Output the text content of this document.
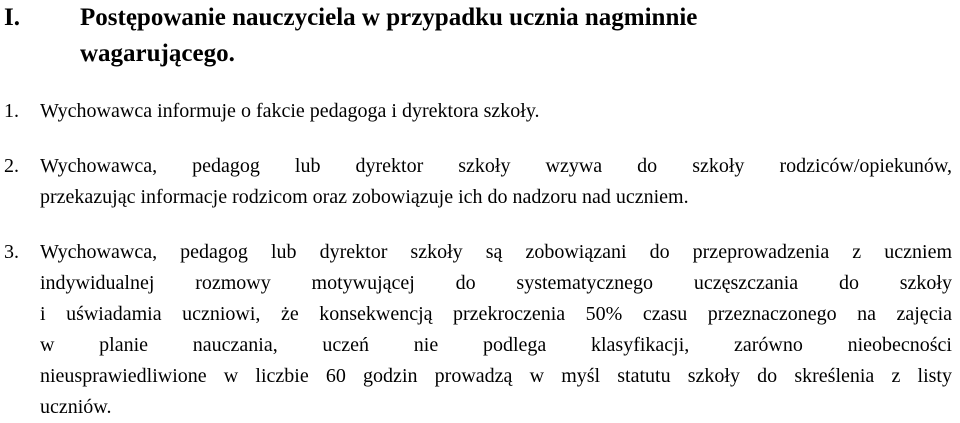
I. Postępowanie nauczyciela w przypadku ucznia nagminnie
wagarującego.
1. Wychowawca informuje o fakcie pedagoga i dyrektora szkoły.
2. Wychowawca, pedagog lub dyrektor szkoły wzywa do szkoły rodziców/opiekunów,
przekazując informacje rodzicom oraz zobowiązuje ich do nadzoru nad uczniem.
3. Wychowawca, pedagog lub dyrektor szkoły są zobowiązani do przeprowadzenia z uczniem
indywidualnej rozmowy motywującej do systematycznego uczęszczania do szkoły
i uświadamia uczniowi, że konsekwencją przekroczenia 50% czasu przeznaczonego na zajęcia
w planie nauczania, uczeń nie podlega klasyfikacji, zarówno nieobecności
nieusprawiedliwione w liczbie 60 godzin prowadzą w myśl statutu szkoły do skreślenia z listy
uczniów.
